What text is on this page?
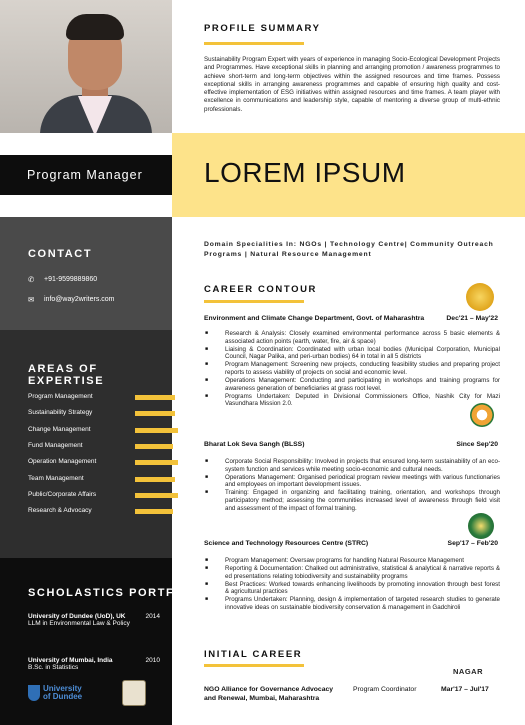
Program Manager
CONTACT
✆	+91-9599889860
✉	info@way2writers.com
AREAS OF EXPERTISE
Program Management
Sustainability Strategy
Change Management
Fund Management
Operation Management
Team Management
Public/Corporate Affairs
Research & Advocacy
SCHOLASTICS PORTFOLIO
University of Dundee (UoD), UK
LLM in Environmental Law & Policy
2014
University of Mumbai, India
B.Sc. in Statistics
2010
University
of Dundee
PROFILE SUMMARY
Sustainability Program Expert with years of experience in managing Socio-Ecological Development Projects and Programmes. Have exceptional skills in planning and arranging promotion / awareness programmes to achieve short-term and long-term objectives within the assigned resources and time frames. Possess exceptional skills in arranging awareness programmes and capable of ensuring high quality and cost-effective implementation of ESG initiatives within assigned resources and time frames. A team player with excellence in communications and leadership style, capable of mentoring a diverse group of multi-ethnic professionals.
LOREM IPSUM
Domain Specialities In: NGOs | Technology Centre| Community Outreach Programs | Natural Resource Management
CAREER CONTOUR
Environment and Climate Change Department, Govt. of Maharashtra	Dec'21 – May'22
■ Research & Analysis: Closely examined environmental performance across 5 basic elements & associated action points (earth, water, fire, air & space)
■ Liaising & Coordination: Coordinated with urban local bodies (Municipal Corporation, Municipal Council, Nagar Palika, and peri-urban bodies) 64 in total in all 5 districts
■ Program Management: Screening new projects, conducting feasibility studies and preparing project reports to assess viability of projects on social and economic level.
■ Operations Management: Conducting and participating in workshops and training programs for awareness generation of beneficiaries at grass root level.
■ Programs Undertaken: Deputed in Divisional Commissioners Office, Nashik City for Mazi Vasundhara Mission 2.0.
Bharat Lok Seva Sangh (BLSS)	Since Sep'20
■ Corporate Social Responsibility: Involved in projects that ensured long-term sustainability of an eco-system function and services while meeting socio-economic and cultural needs.
■ Operations Management: Organised periodical program review meetings with various functionaries and employees on important development issues.
■ Training: Engaged in organizing and facilitating training, orientation, and workshops through participatory method; assessing the communities increased level of awareness through field visit and assessment of the impact of formal training.
Science and Technology Resources Centre (STRC)	Sep'17 – Feb'20
■ Program Management: Oversaw programs for handling Natural Resource Management
■ Reporting & Documentation: Chalked out administrative, statistical & analytical & narrative reports & ed presentations relating tobiodiversity and sustainability programs
■ Best Practices: Worked towards enhancing livelihoods by promoting innovation through best forest & agricultural practices
■ Programs Undertaken: Planning, design & implementation of targeted research studies to generate innovative ideas on sustainable biodiversity conservation & management in Gadchiroli
INITIAL CAREER
NAGAR
NGO Alliance for Governance Advocacy and Renewal, Mumbai, Maharashtra
Program Coordinator	Mar'17 – Jul'17
